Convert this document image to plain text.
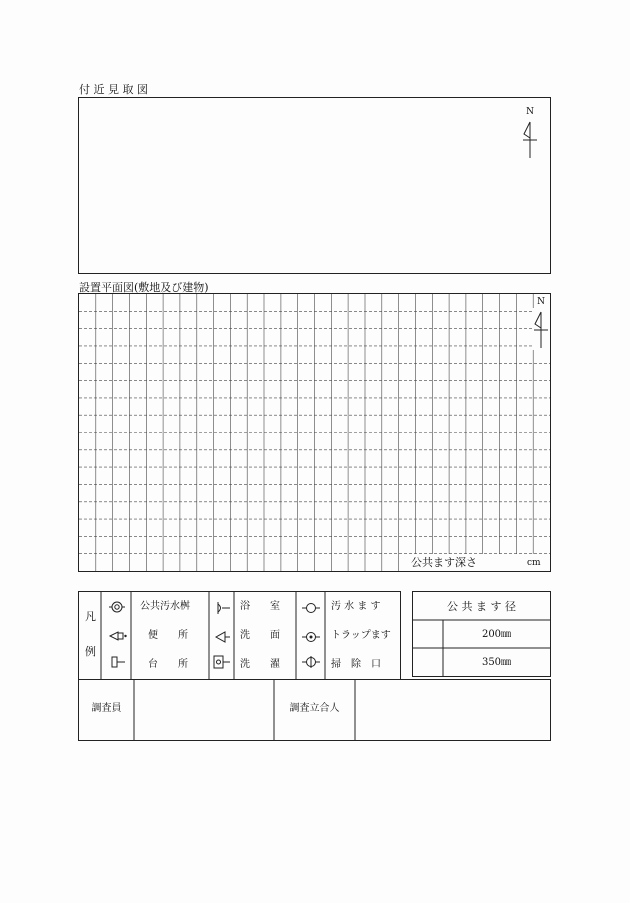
付 近 見 取 図
N
設置平面図(敷地及び建物)
N
公共ます深さ	cm
凡
例
公共汚水桝
便　　所
台　　所
浴　　室
洗　　面
洗　　濯
汚 水 ま す
トラップます
掃　除　口
公 共 ま す 径
200㎜
350㎜
調査員	調査立合人
